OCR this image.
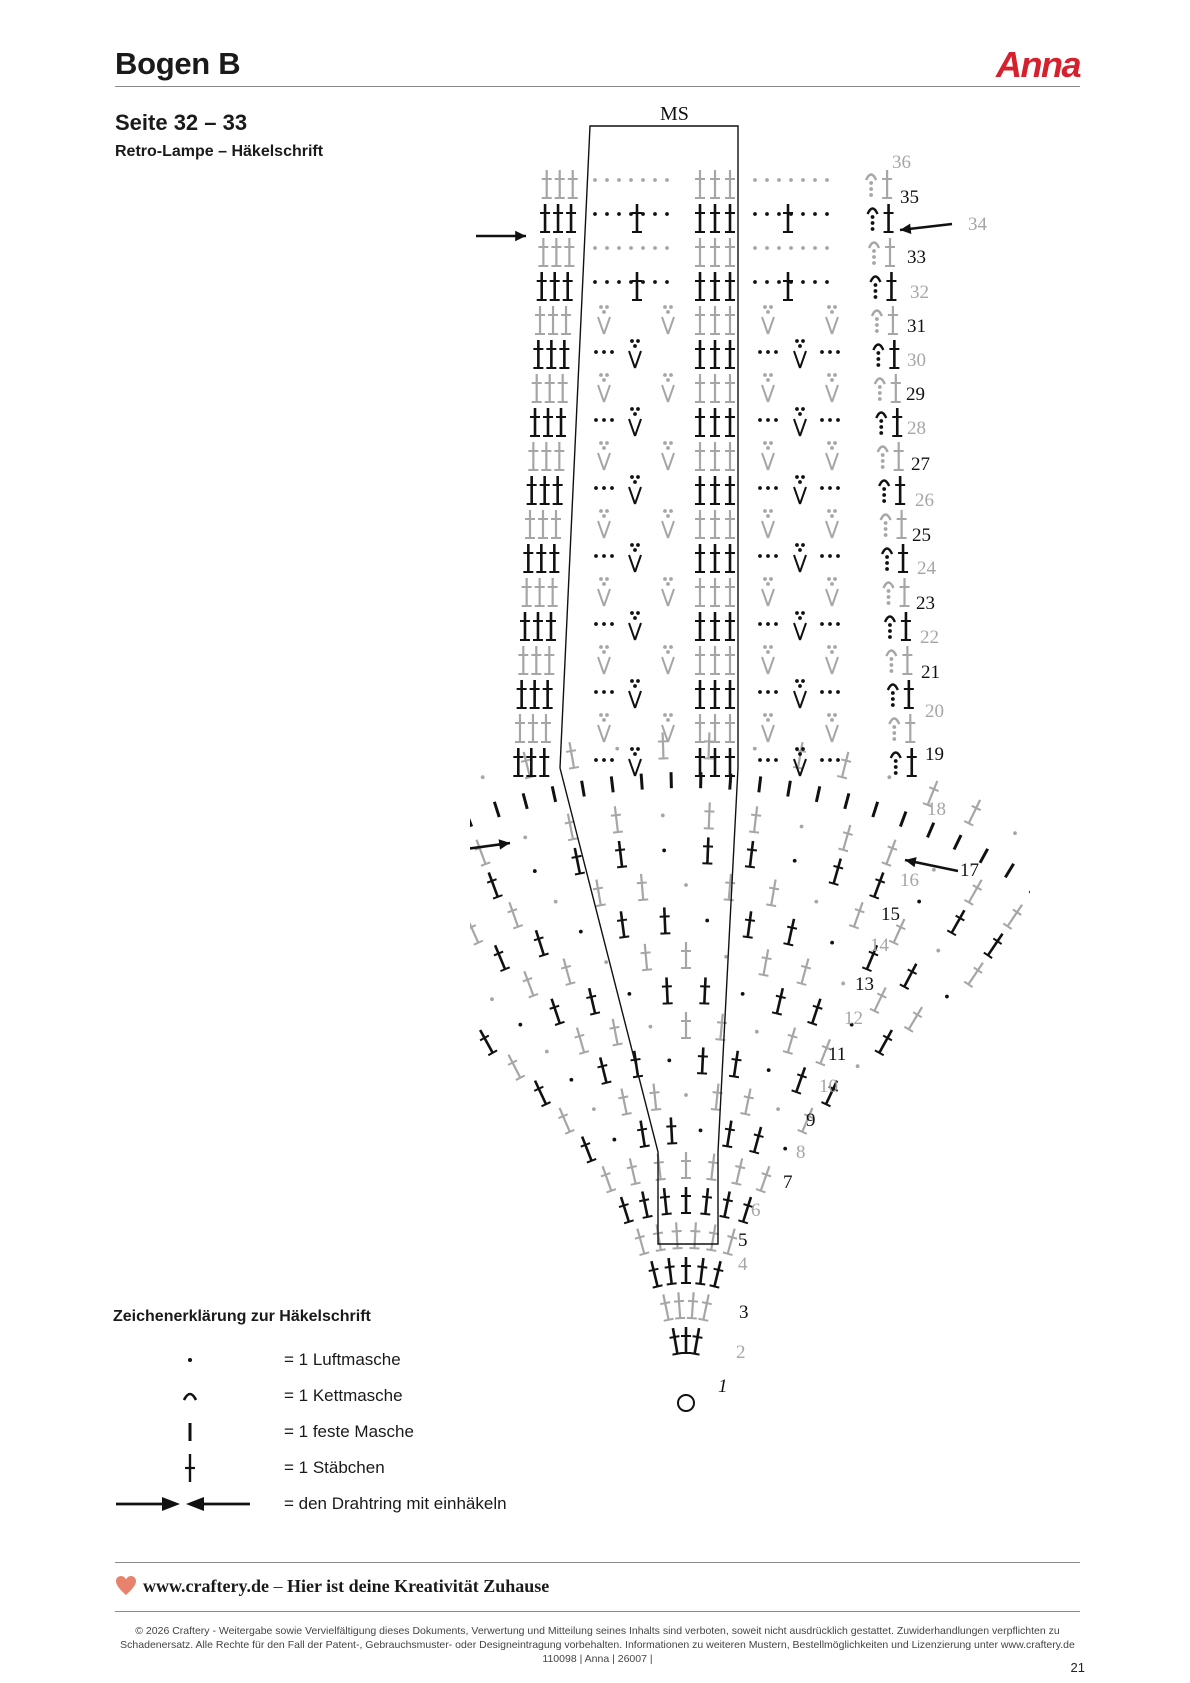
Bogen B	Anna
Seite 32 – 33
Retro-Lampe – Häkelschrift
MS
1
3
5
7
9
11
13
15
17
19
21
23
25
27
29
31
33
35
2
4
6
8
10
12
14
16
18
20
22
24
26
28
30
32
34
36
Zeichenerklärung zur Häkelschrift
= 1 Luftmasche
= 1 Kettmasche
= 1 feste Masche
= 1 Stäbchen
= den Drahtring mit einhäkeln
www.craftery.de – Hier ist deine Kreativität Zuhause
© 2026 Craftery - Weitergabe sowie Vervielfältigung dieses Dokuments, Verwertung und Mitteilung seines Inhalts sind verboten, soweit nicht ausdrücklich gestattet. Zuwiderhandlungen verpflichten zu Schadenersatz. Alle Rechte für den Fall der Patent-, Gebrauchsmuster- oder Designeintragung vorbehalten. Informationen zu weiteren Mustern, Bestellmöglichkeiten und Lizenzierung unter www.craftery.de 110098 | Anna | 26007 |
21
